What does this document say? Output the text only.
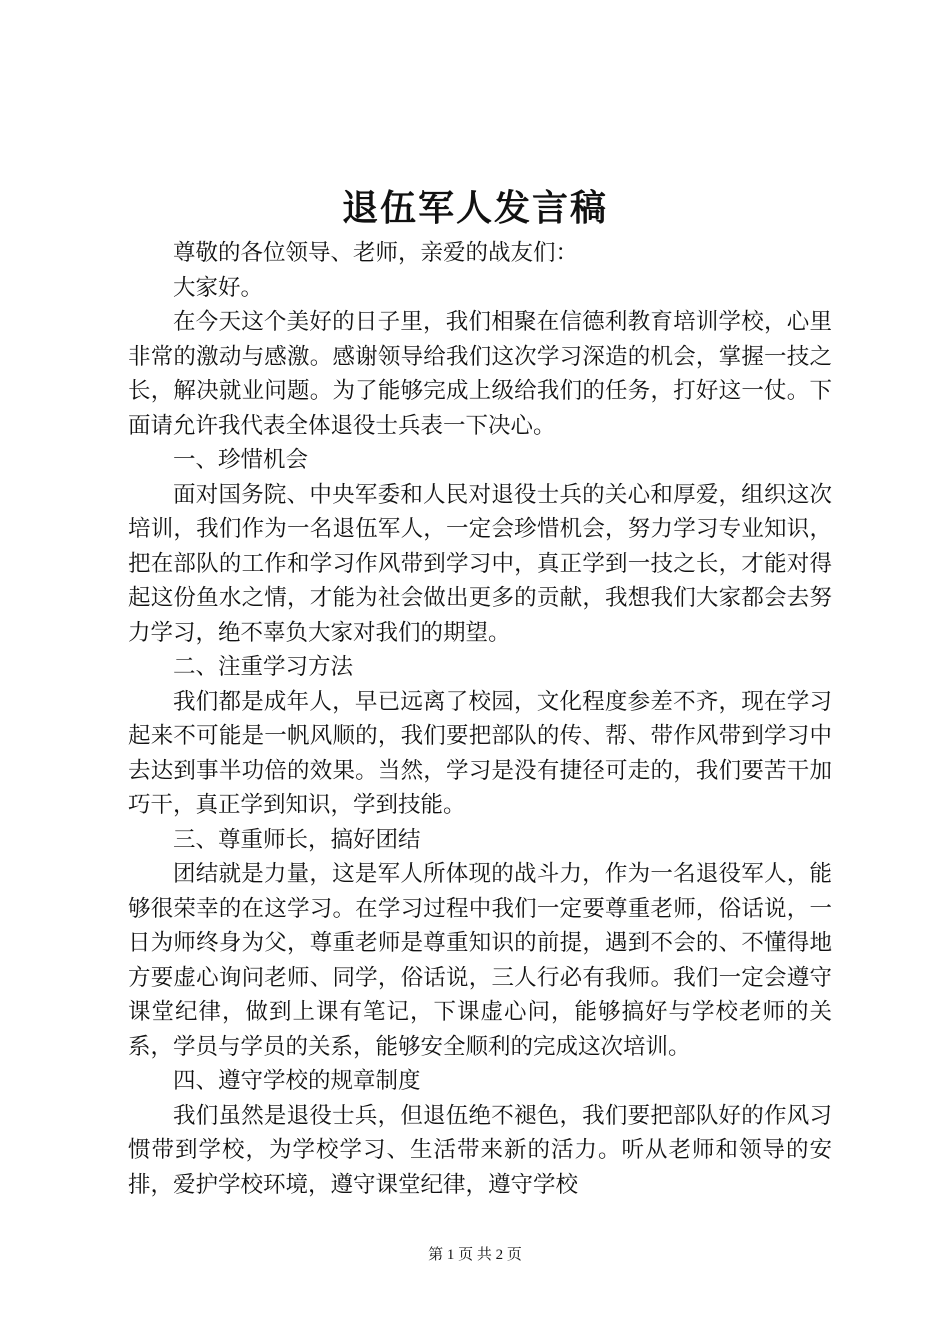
退伍军人发言稿

尊敬的各位领导、老师，亲爱的战友们：

大家好。

在今天这个美好的日子里，我们相聚在信德利教育培训学校，心里非常的激动与感激。感谢领导给我们这次学习深造的机会，掌握一技之长，解决就业问题。为了能够完成上级给我们的任务，打好这一仗。下面请允许我代表全体退役士兵表一下决心。

一、珍惜机会

面对国务院、中央军委和人民对退役士兵的关心和厚爱，组织这次培训，我们作为一名退伍军人，一定会珍惜机会，努力学习专业知识，把在部队的工作和学习作风带到学习中，真正学到一技之长，才能对得起这份鱼水之情，才能为社会做出更多的贡献，我想我们大家都会去努力学习，绝不辜负大家对我们的期望。

二、注重学习方法

我们都是成年人，早已远离了校园，文化程度参差不齐，现在学习起来不可能是一帆风顺的，我们要把部队的传、帮、带作风带到学习中去达到事半功倍的效果。当然，学习是没有捷径可走的，我们要苦干加巧干，真正学到知识，学到技能。

三、尊重师长，搞好团结

团结就是力量，这是军人所体现的战斗力，作为一名退役军人，能够很荣幸的在这学习。在学习过程中我们一定要尊重老师，俗话说，一日为师终身为父，尊重老师是尊重知识的前提，遇到不会的、不懂得地方要虚心询问老师、同学，俗话说，三人行必有我师。我们一定会遵守课堂纪律，做到上课有笔记，下课虚心问，能够搞好与学校老师的关系，学员与学员的关系，能够安全顺利的完成这次培训。

四、遵守学校的规章制度

我们虽然是退役士兵，但退伍绝不褪色，我们要把部队好的作风习惯带到学校，为学校学习、生活带来新的活力。听从老师和领导的安排，爱护学校环境，遵守课堂纪律，遵守学校

第 1 页 共 2 页
